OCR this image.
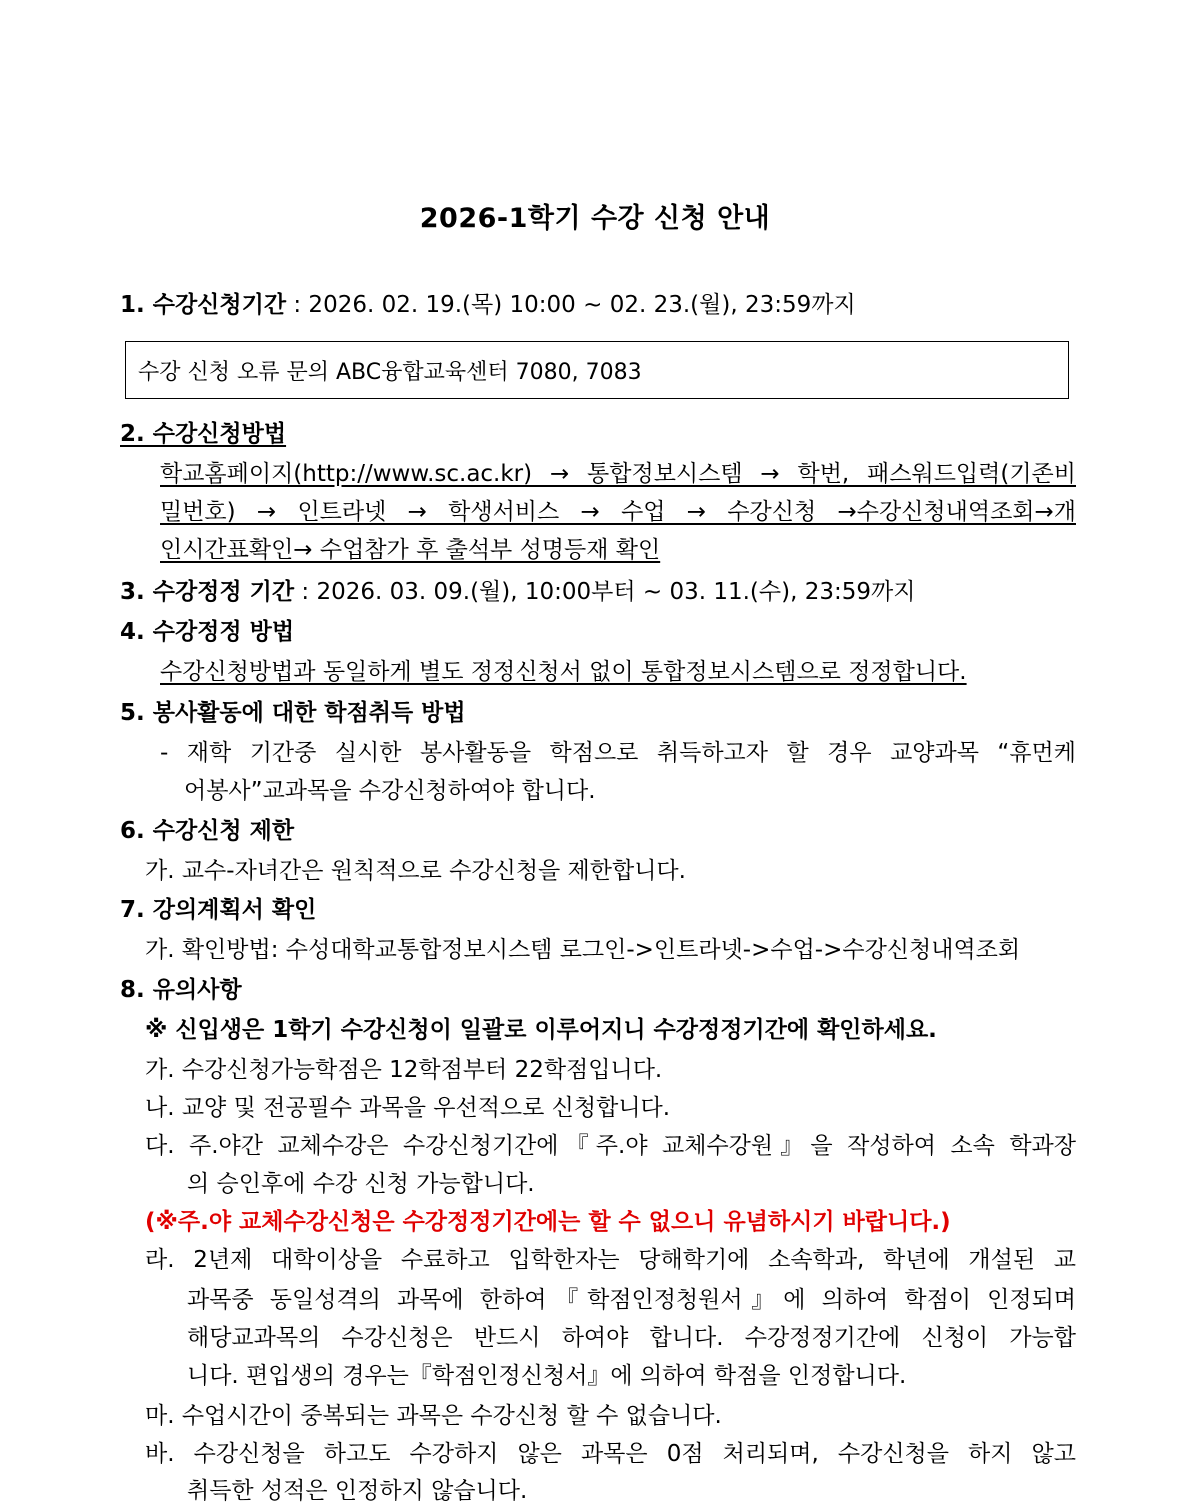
2026-1학기 수강 신청 안내
1. 수강신청기간 : 2026. 02. 19.(목) 10:00 ~ 02. 23.(월), 23:59까지
수강 신청 오류 문의 ABC융합교육센터 7080, 7083
2. 수강신청방법
학교홈페이지(http://www.sc.ac.kr) → 통합정보시스템 → 학번, 패스워드입력(기존비
밀번호) → 인트라넷 → 학생서비스 → 수업 → 수강신청 →수강신청내역조회→개
인시간표확인→ 수업참가 후 출석부 성명등재 확인
3. 수강정정 기간 : 2026. 03. 09.(월), 10:00부터 ~ 03. 11.(수), 23:59까지
4. 수강정정 방법
수강신청방법과 동일하게 별도 정정신청서 없이 통합정보시스템으로 정정합니다.
5. 봉사활동에 대한 학점취득 방법
- 재학 기간중 실시한 봉사활동을 학점으로 취득하고자 할 경우 교양과목 “휴먼케
어봉사”교과목을 수강신청하여야 합니다.
6. 수강신청 제한
가. 교수-자녀간은 원칙적으로 수강신청을 제한합니다.
7. 강의계획서 확인
가. 확인방법: 수성대학교통합정보시스템 로그인->인트라넷->수업->수강신청내역조회
8. 유의사항
※ 신입생은 1학기 수강신청이 일괄로 이루어지니 수강정정기간에 확인하세요.
가. 수강신청가능학점은 12학점부터 22학점입니다.
나. 교양 및 전공필수 과목을 우선적으로 신청합니다.
다. 주.야간 교체수강은 수강신청기간에『주.야 교체수강원』을 작성하여 소속 학과장
의 승인후에 수강 신청 가능합니다.
(※주.야 교체수강신청은 수강정정기간에는 할 수 없으니 유념하시기 바랍니다.)
라. 2년제 대학이상을 수료하고 입학한자는 당해학기에 소속학과, 학년에 개설된 교
과목중 동일성격의 과목에 한하여『학점인정청원서』에 의하여 학점이 인정되며
해당교과목의 수강신청은 반드시 하여야 합니다. 수강정정기간에 신청이 가능합
니다. 편입생의 경우는『학점인정신청서』에 의하여 학점을 인정합니다.
마. 수업시간이 중복되는 과목은 수강신청 할 수 없습니다.
바. 수강신청을 하고도 수강하지 않은 과목은 0점 처리되며, 수강신청을 하지 않고
취득한 성적은 인정하지 않습니다.
